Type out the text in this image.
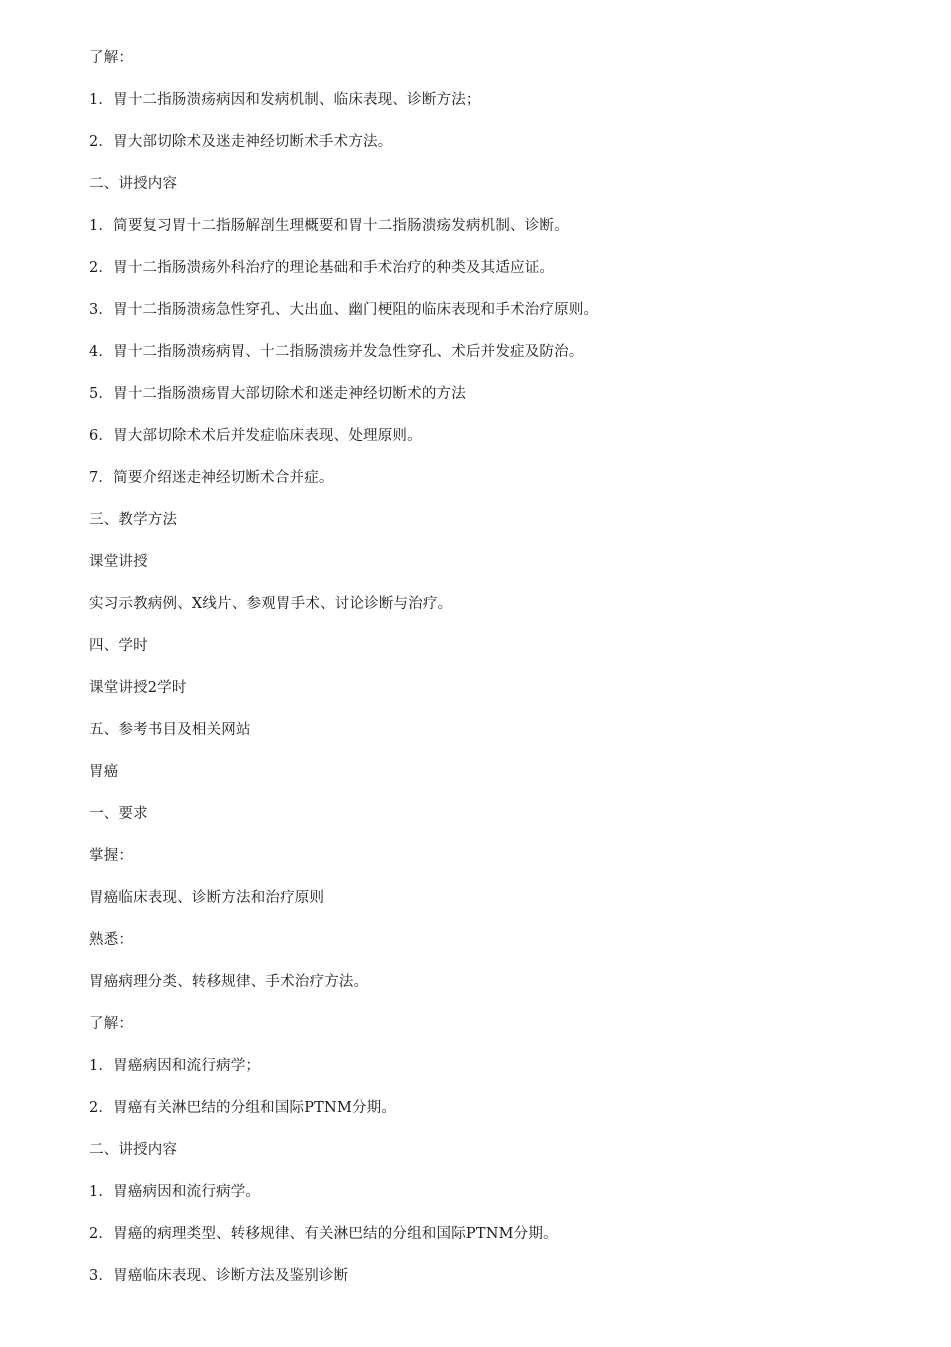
了解：
1．胃十二指肠溃疡病因和发病机制、临床表现、诊断方法；
2．胃大部切除术及迷走神经切断术手术方法。
二、讲授内容
1．简要复习胃十二指肠解剖生理概要和胃十二指肠溃疡发病机制、诊断。
2．胃十二指肠溃疡外科治疗的理论基础和手术治疗的种类及其适应证。
3．胃十二指肠溃疡急性穿孔、大出血、幽门梗阻的临床表现和手术治疗原则。
4．胃十二指肠溃疡病胃、十二指肠溃疡并发急性穿孔、术后并发症及防治。
5．胃十二指肠溃疡胃大部切除术和迷走神经切断术的方法
6．胃大部切除术术后并发症临床表现、处理原则。
7．简要介绍迷走神经切断术合并症。
三、教学方法
课堂讲授
实习示教病例、X线片、参观胃手术、讨论诊断与治疗。
四、学时
课堂讲授2学时
五、参考书目及相关网站
胃癌
一、要求
掌握：
胃癌临床表现、诊断方法和治疗原则
熟悉：
胃癌病理分类、转移规律、手术治疗方法。
了解：
1．胃癌病因和流行病学；
2．胃癌有关淋巴结的分组和国际PTNM分期。
二、讲授内容
1．胃癌病因和流行病学。
2．胃癌的病理类型、转移规律、有关淋巴结的分组和国际PTNM分期。
3．胃癌临床表现、诊断方法及鉴别诊断
